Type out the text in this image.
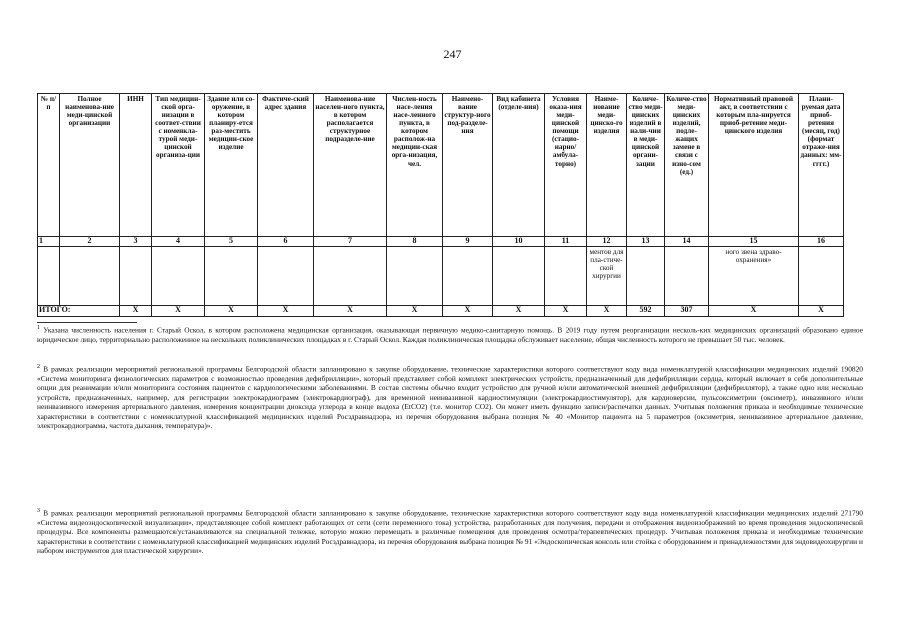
247
№ п/п	Полное наименова-ние меди-цинской организации	ИНН	Тип медицин-ской орга-низации в соответ-ствии с номенкла-турой меди-цинской организа-ции	Здание или со-оружение, в котором планиру-ется раз-местить медицин-ское изделие	Фактиче-ский адрес здания	Наименова-ние населен-ного пункта, в котором располагается структурное подразделе-ние	Числен-ность насе-ления насе-ленного пункта, в котором располож-на медицин-ская орга-низация, чел.	Наимено-вание структур-ного под-разделе-ния	Вид кабинета (отделе-ния)	Условия оказа-ния меди-цинской помощи (стацио-нарно/ амбула-торно)	Наиме-нование меди-цинско-го изделия	Количе-ство меди-цинских изделий в нали-чии в меди-цинской органи-зации	Количе-ство меди-цинских изделий, подле-жащих замене в связи с изно-сом (ед.)	Нормативный правовой акт, в соответствии с которым пла-нируется приоб-ретение меди-цинского изделия	Плани-руемая дата приоб-ретения (месяц, год) (формат отраже-ния данных: мм-гггг.)
1	2	3	4	5	6	7	8	9	10	11	12	13	14	15	16
											ментов для пла-стиче-ской хирургии			ного звена здраво-охранения»	
ИТОГО:		Х	Х	Х	Х	Х	Х	Х	Х	Х	Х	592	307	Х	Х
$^1$ Указана численность населения г. Старый Оскол, в котором расположена медицинская организация, оказывающая первичную медико-санитарную помощь. В 2019 году путем реорганизации несколь-ких медицинских организаций образовано единое юридическое лицо, территориально расположенное на нескольких поликлинических площадках в г. Старый Оскол. Каждая поликлиническая площадка обслуживает население, общая численность которого не превышает 50 тыс. человек.
$^2$ В рамках реализации мероприятий региональной программы Белгородской области запланировано к закупке оборудование, технические характеристики которого соответствуют коду вида номенклатурной классификации медицинских изделий 190820 «Система мониторинга физиологических параметров с возможностью проведения дефибрилляции», который представляет собой комплект электрических устройств, предназначенный для дефибрилляции сердца, который включает в себя дополнительные опции для реанимации и/или мониторинга состояния пациентов с кардиологическими заболеваниями. В состав системы обычно входит устройство для ручной и/или автоматической внешней дефибрилляции (дефибриллятор), а также одно или несколько устройств, предназначенных, например, для регистрации электрокардиограмм (электрокардиограф), для временной неинвазивной кардиостимуляции (электрокардиостимулятор), для кардиоверсии, пульсоксиметрии (оксиметр), инвазивного и/или неинвазивного измерения артериального давления, измерения концентрации диоксида углерода в конце выдоха (EtCO2) (т.е. монитор СО2). Он может иметь функцию записи/распечатки данных. Учитывая положения приказа и необходимые технические характеристики в соответствии с номенклатурной классификацией медицинских изделий Росздравнадзора, из перечня оборудования выбрана позиция № 40 «Монитор пациента на 5 параметров (оксиметрия, неинвазивное артериальное давление, электрокардиограмма, частота дыхания, температура)».
$^3$ В рамках реализации мероприятий региональной программы Белгородской области запланировано к закупке оборудование, технические характеристики которого соответствуют коду вида номенклатурной классификации медицинских изделий 271790 «Система видеоэндоскопической визуализации», представляющее собой комплект работающих от сети (сети переменного тока) устройства, разработанных для получения, передачи и отображения видеоизображений во время проведения эндоскопической процедуры. Все компоненты размещаются/устанавливаются на специальной тележке, которую можно перемещать в различные помещения для проведения осмотра/терапевтических процедур. Учитывая положения приказа и необходимые технические характеристики в соответствии с номенклатурной классификацией медицинских изделий Росздравнадзора, из перечня оборудования выбрана позиция № 91 «Эндоскопическая консоль или стойка с оборудованием и принадлежностями для эндовидеохирургии и набором инструментов для пластической хирургии».
